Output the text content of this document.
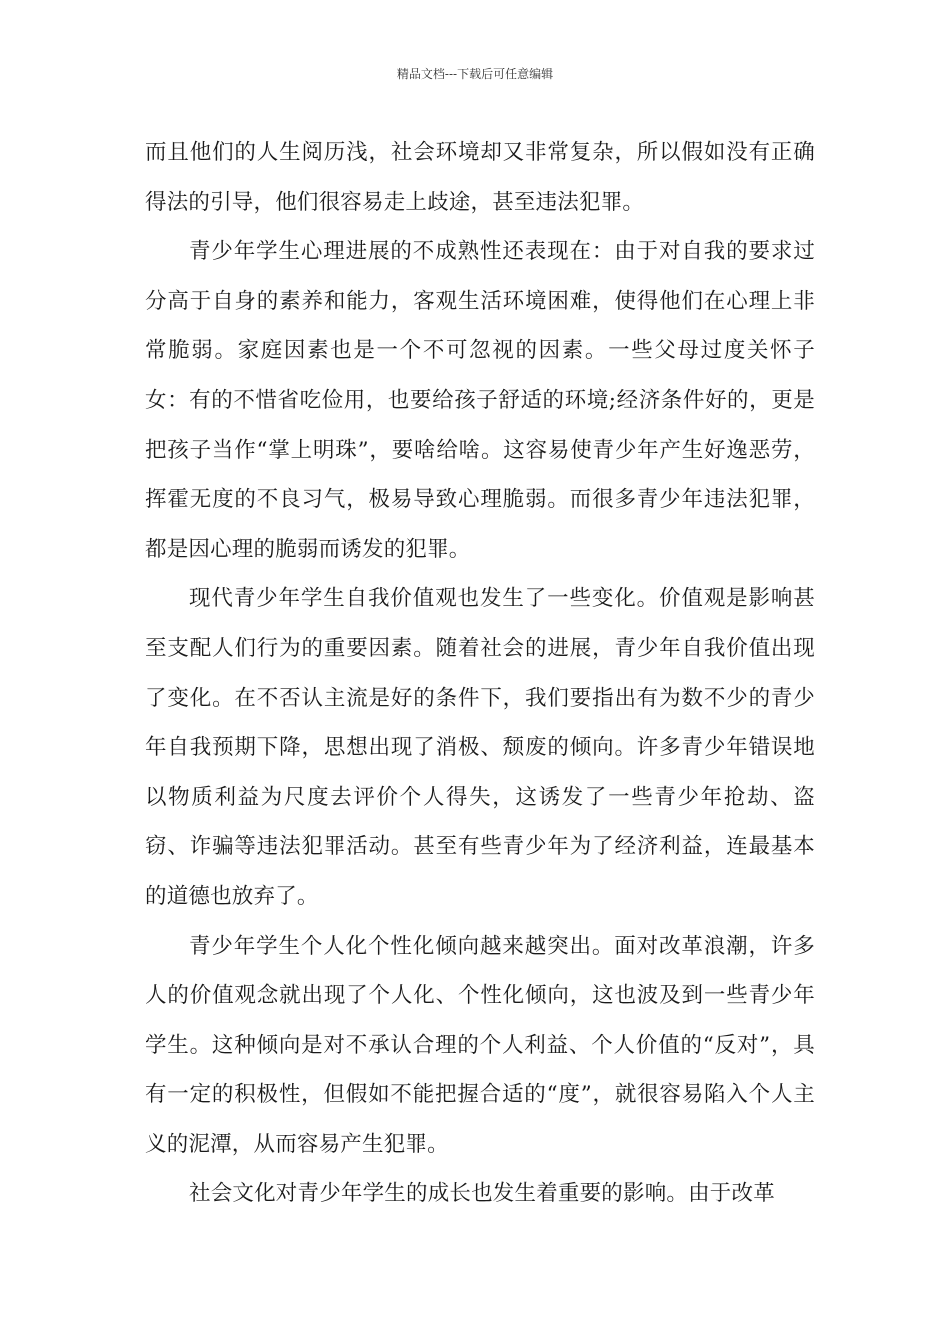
精品文档---下载后可任意编辑

而且他们的人生阅历浅，社会环境却又非常复杂，所以假如没有正确得法的引导，他们很容易走上歧途，甚至违法犯罪。

青少年学生心理进展的不成熟性还表现在：由于对自我的要求过分高于自身的素养和能力，客观生活环境困难，使得他们在心理上非常脆弱。家庭因素也是一个不可忽视的因素。一些父母过度关怀子女：有的不惜省吃俭用，也要给孩子舒适的环境;经济条件好的，更是把孩子当作“掌上明珠”，要啥给啥。这容易使青少年产生好逸恶劳，挥霍无度的不良习气，极易导致心理脆弱。而很多青少年违法犯罪，都是因心理的脆弱而诱发的犯罪。

现代青少年学生自我价值观也发生了一些变化。价值观是影响甚至支配人们行为的重要因素。随着社会的进展，青少年自我价值出现了变化。在不否认主流是好的条件下，我们要指出有为数不少的青少年自我预期下降，思想出现了消极、颓废的倾向。许多青少年错误地以物质利益为尺度去评价个人得失，这诱发了一些青少年抢劫、盗窃、诈骗等违法犯罪活动。甚至有些青少年为了经济利益，连最基本的道德也放弃了。

青少年学生个人化个性化倾向越来越突出。面对改革浪潮，许多人的价值观念就出现了个人化、个性化倾向，这也波及到一些青少年学生。这种倾向是对不承认合理的个人利益、个人价值的“反对”，具有一定的积极性，但假如不能把握合适的“度”，就很容易陷入个人主义的泥潭，从而容易产生犯罪。

社会文化对青少年学生的成长也发生着重要的影响。由于改革
